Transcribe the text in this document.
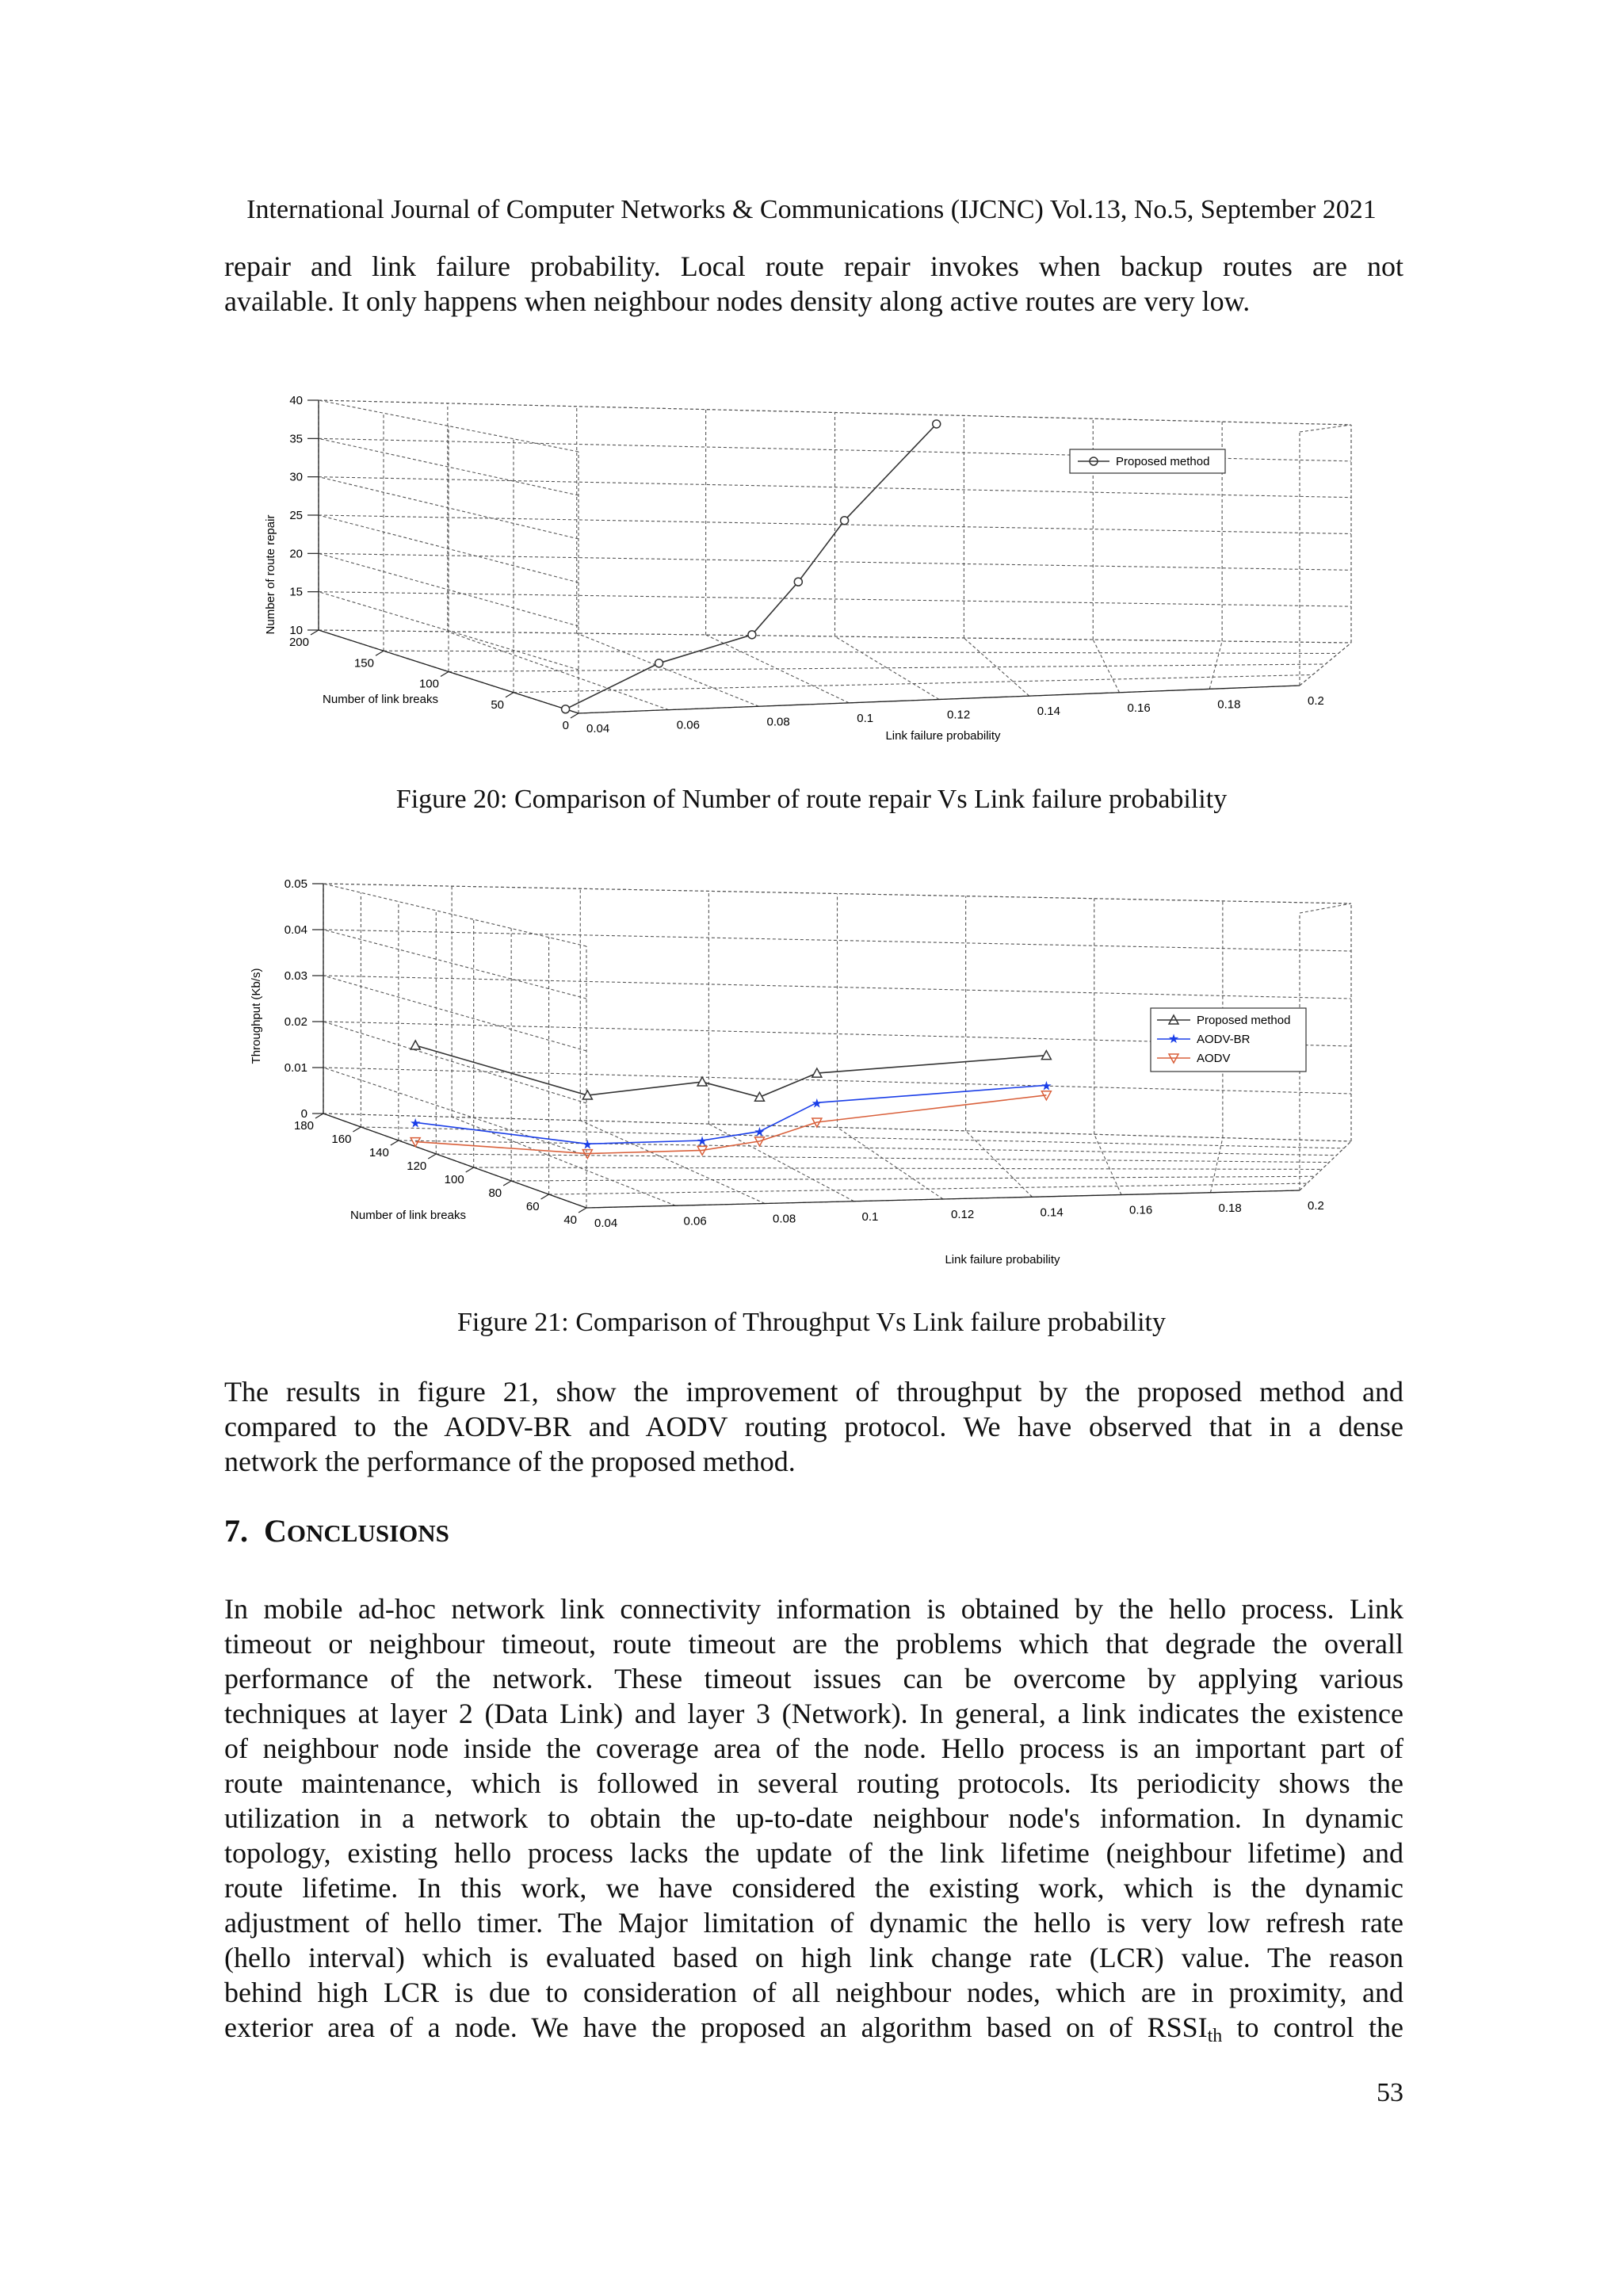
International Journal of Computer Networks & Communications (IJCNC) Vol.13, No.5, September 2021

repair and link failure probability. Local route repair invokes when backup routes are not
available. It only happens when neighbour nodes density along active routes are very low.

10
15
20
25
30
35
40
0.04	0.06	0.08	0.1	0.12	0.14	0.16	0.18	0.2
200
150
100
50
0
Number of route repair
Number of link breaks
Link failure probability
Proposed method
Figure 20: Comparison of Number of route repair Vs Link failure probability
0
0.01
0.02
0.03
0.04
0.05
0.04	0.06	0.08	0.1	0.12	0.14	0.16	0.18	0.2
180
160
140
120
100
80
60
40
★
★	★
★
★
★
Throughput (Kb/s)
Number of link breaks
Link failure probability
Proposed method
★ AODV-BR
AODV
Figure 21: Comparison of Throughput Vs Link failure probability

The results in figure 21, show the improvement of throughput by the proposed method and
compared to the AODV-BR and AODV routing protocol. We have observed that in a dense
network the performance of the proposed method.

7. CONCLUSIONS

In mobile ad-hoc network link connectivity information is obtained by the hello process. Link
timeout or neighbour timeout, route timeout are the problems which that degrade the overall
performance of the network. These timeout issues can be overcome by applying various
techniques at layer 2 (Data Link) and layer 3 (Network). In general, a link indicates the existence
of neighbour node inside the coverage area of the node. Hello process is an important part of
route maintenance, which is followed in several routing protocols. Its periodicity shows the
utilization in a network to obtain the up-to-date neighbour node's information. In dynamic
topology, existing hello process lacks the update of the link lifetime (neighbour lifetime) and
route lifetime. In this work, we have considered the existing work, which is the dynamic
adjustment of hello timer. The Major limitation of dynamic the hello is very low refresh rate
(hello interval) which is evaluated based on high link change rate (LCR) value. The reason
behind high LCR is due to consideration of all neighbour nodes, which are in proximity, and
exterior area of a node. We have the proposed an algorithm based on of $RSSI_{th}$ to control the

53
